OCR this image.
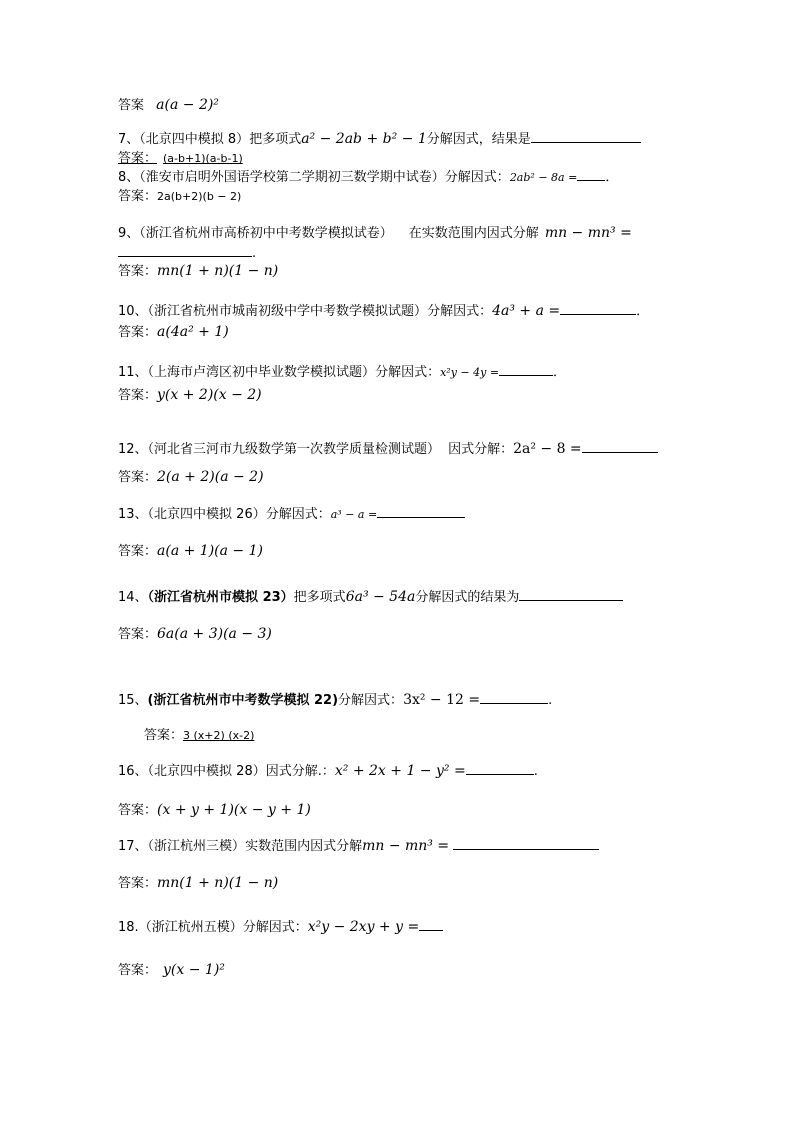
答案 a(a − 2)²
7、（北京四中模拟 8）把多项式a² − 2ab + b² − 1分解因式，结果是
答案： (a-b+1)(a-b-1)
8、（淮安市启明外国语学校第二学期初三数学期中试卷）分解因式：2ab² − 8a = ．
答案：2a(b+2)(b − 2)
9、（浙江省杭州市高桥初中中考数学模拟试卷） 在实数范围内因式分解 mn − mn³ =
.
答案：mn(1 + n)(1 − n)
10、（浙江省杭州市城南初级中学中考数学模拟试题）分解因式：4a³ + a =	．
答案：a(4a² + 1)
11、（上海市卢湾区初中毕业数学模拟试题）分解因式：x²y − 4y =	．
答案：y(x + 2)(x − 2)
12、（河北省三河市九级数学第一次教学质量检测试题） 因式分解：2a² − 8 =
答案：2(a + 2)(a − 2)
13、（北京四中模拟 26）分解因式：a³ − a =
答案：a(a + 1)(a − 1)
14、（浙江省杭州市模拟 23）把多项式6a³ − 54a分解因式的结果为
答案：6a(a + 3)(a − 3)
15、(浙江省杭州市中考数学模拟 22)分解因式：3x² − 12 =	.
答案：3 (x+2) (x-2)
16、（北京四中模拟 28）因式分解.：x² + 2x + 1 − y² =	.
答案：(x + y + 1)(x − y + 1)
17、（浙江杭州三模）实数范围内因式分解mn − mn³ =
答案：mn(1 + n)(1 − n)
18.（浙江杭州五模）分解因式：x²y − 2xy + y =
答案： y(x − 1)²
